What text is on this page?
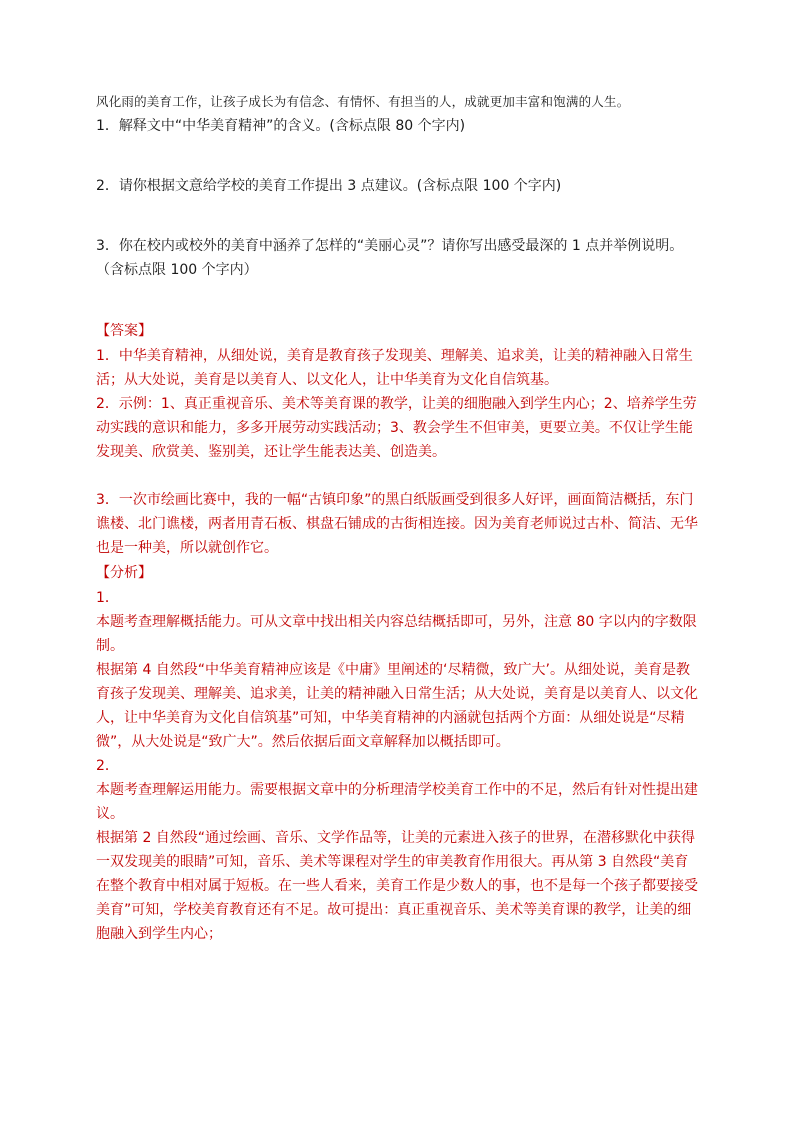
风化雨的美育工作，让孩子成长为有信念、有情怀、有担当的人，成就更加丰富和饱满的人生。

1．解释文中“中华美育精神”的含义。(含标点限 80 个字内)

2．请你根据文意给学校的美育工作提出 3 点建议。(含标点限 100 个字内)

3．你在校内或校外的美育中涵养了怎样的“美丽心灵”？请你写出感受最深的 1 点并举例说明。

（含标点限 100 个字内）

【答案】

1．中华美育精神，从细处说，美育是教育孩子发现美、理解美、追求美，让美的精神融入日常生活；从大处说，美育是以美育人、以文化人，让中华美育为文化自信筑基。

2．示例：1、真正重视音乐、美术等美育课的教学，让美的细胞融入到学生内心；2、培养学生劳动实践的意识和能力，多多开展劳动实践活动；3、教会学生不但审美，更要立美。不仅让学生能发现美、欣赏美、鉴别美，还让学生能表达美、创造美。

3．一次市绘画比赛中，我的一幅“古镇印象”的黑白纸版画受到很多人好评，画面简洁概括，东门谯楼、北门谯楼，两者用青石板、棋盘石铺成的古街相连接。因为美育老师说过古朴、简洁、无华也是一种美，所以就创作它。

【分析】

1．

本题考查理解概括能力。可从文章中找出相关内容总结概括即可，另外，注意 80 字以内的字数限制。

根据第 4 自然段“中华美育精神应该是《中庸》里阐述的‘尽精微，致广大’。从细处说，美育是教育孩子发现美、理解美、追求美，让美的精神融入日常生活；从大处说，美育是以美育人、以文化人，让中华美育为文化自信筑基”可知，中华美育精神的内涵就包括两个方面：从细处说是“尽精微”，从大处说是“致广大”。然后依据后面文章解释加以概括即可。

2．

本题考查理解运用能力。需要根据文章中的分析理清学校美育工作中的不足，然后有针对性提出建议。

根据第 2 自然段“通过绘画、音乐、文学作品等，让美的元素进入孩子的世界，在潜移默化中获得一双发现美的眼睛”可知，音乐、美术等课程对学生的审美教育作用很大。再从第 3 自然段“美育在整个教育中相对属于短板。在一些人看来，美育工作是少数人的事，也不是每一个孩子都要接受美育”可知，学校美育教育还有不足。故可提出：真正重视音乐、美术等美育课的教学，让美的细胞融入到学生内心；
